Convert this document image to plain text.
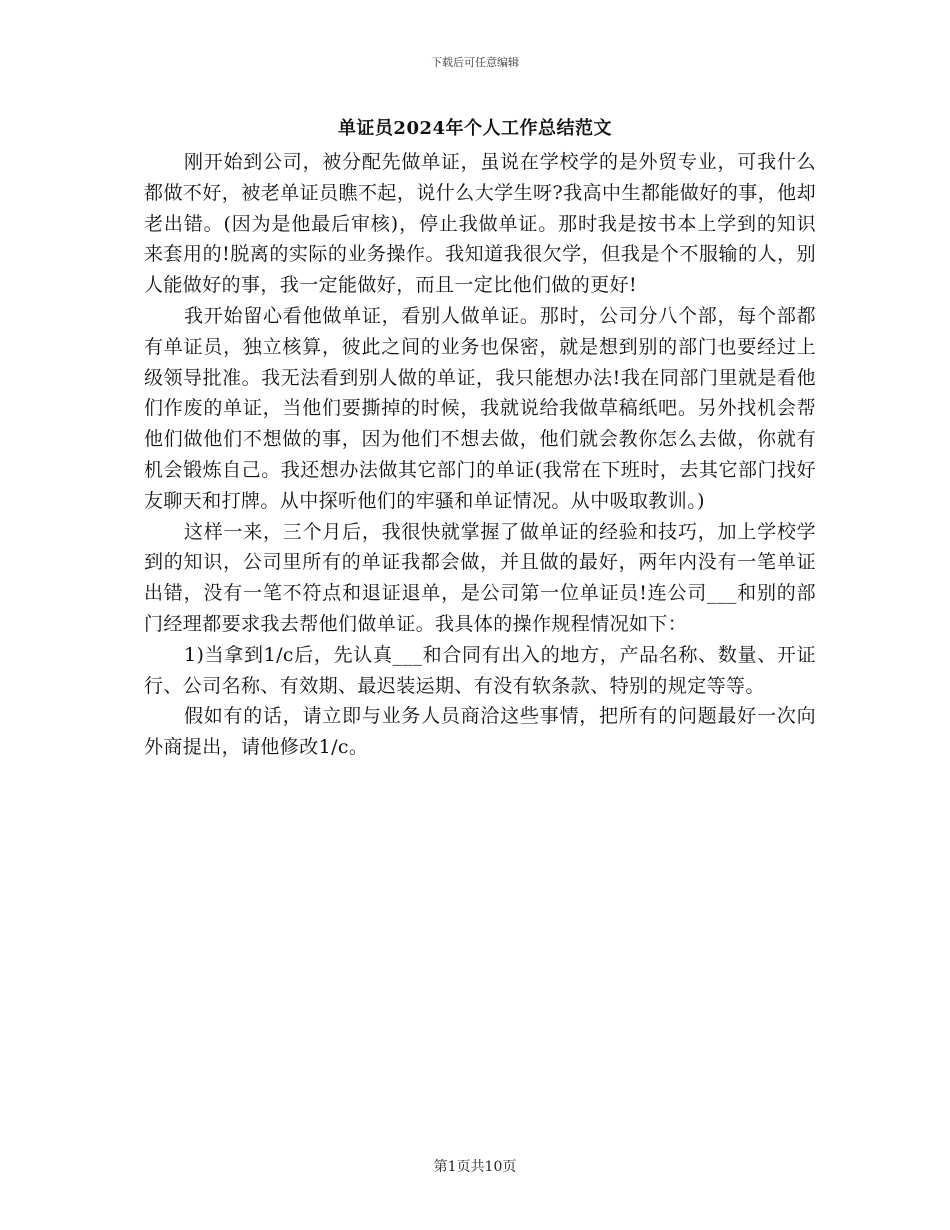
下载后可任意编辑
单证员2024年个人工作总结范文

刚开始到公司，被分配先做单证，虽说在学校学的是外贸专业，可我什么都做不好，被老单证员瞧不起，说什么大学生呀?我高中生都能做好的事，他却老出错。(因为是他最后审核)，停止我做单证。那时我是按书本上学到的知识来套用的!脱离的实际的业务操作。我知道我很欠学，但我是个不服输的人，别人能做好的事，我一定能做好，而且一定比他们做的更好!

我开始留心看他做单证，看别人做单证。那时，公司分八个部，每个部都有单证员，独立核算，彼此之间的业务也保密，就是想到别的部门也要经过上级领导批准。我无法看到别人做的单证，我只能想办法!我在同部门里就是看他们作废的单证，当他们要撕掉的时候，我就说给我做草稿纸吧。另外找机会帮他们做他们不想做的事，因为他们不想去做，他们就会教你怎么去做，你就有机会锻炼自己。我还想办法做其它部门的单证(我常在下班时，去其它部门找好友聊天和打牌。从中探听他们的牢骚和单证情况。从中吸取教训。)

这样一来，三个月后，我很快就掌握了做单证的经验和技巧，加上学校学到的知识，公司里所有的单证我都会做，并且做的最好，两年内没有一笔单证出错，没有一笔不符点和退证退单，是公司第一位单证员!连公司___和别的部门经理都要求我去帮他们做单证。我具体的操作规程情况如下：

1)当拿到1/c后，先认真___和合同有出入的地方，产品名称、数量、开证行、公司名称、有效期、最迟装运期、有没有软条款、特别的规定等等。

假如有的话，请立即与业务人员商洽这些事情，把所有的问题最好一次向外商提出，请他修改1/c。

第1页共10页
